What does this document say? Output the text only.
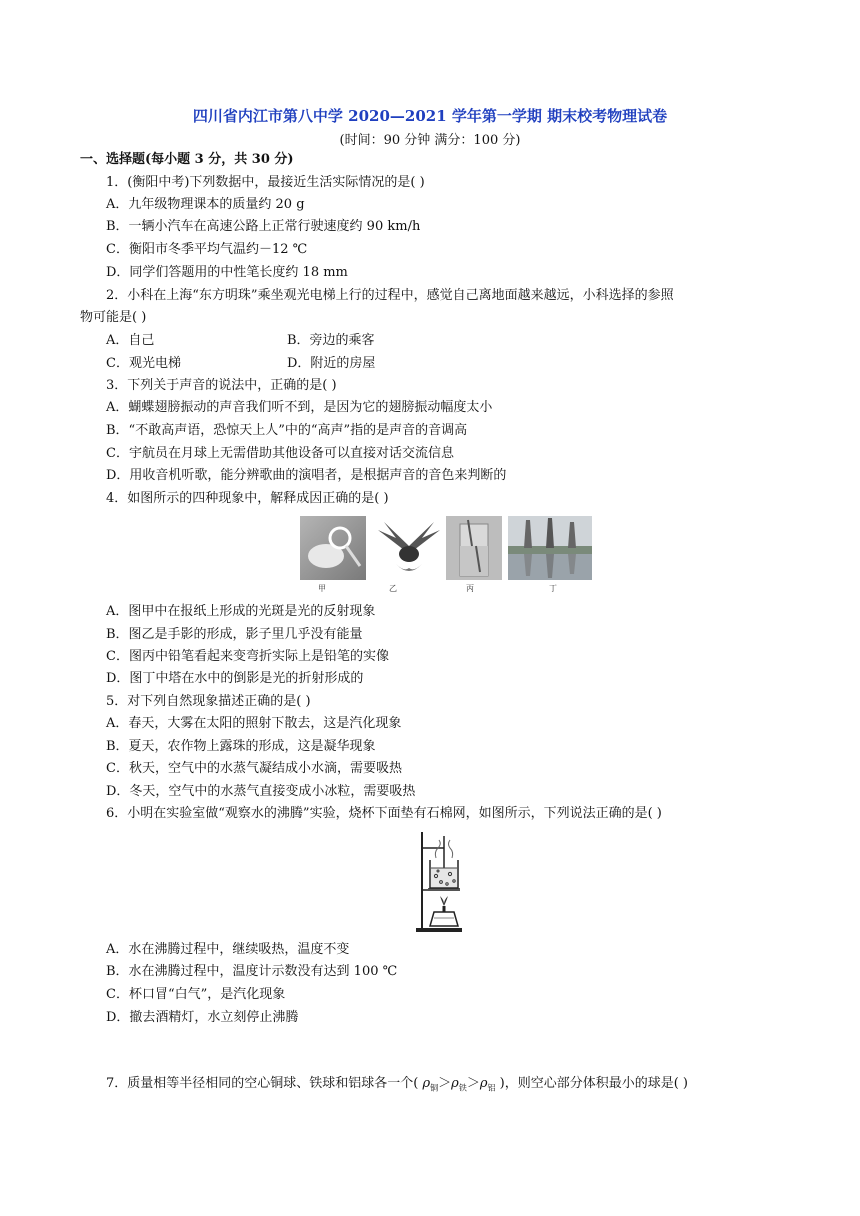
四川省内江市第八中学 2020—2021 学年第一学期 期末校考物理试卷
(时间：90 分钟 满分：100 分)
一、选择题(每小题 3 分，共 30 分)
1．(衡阳中考)下列数据中，最接近生活实际情况的是( )
A．九年级物理课本的质量约 20 g
B．一辆小汽车在高速公路上正常行驶速度约 90 km/h
C．衡阳市冬季平均气温约－12 ℃
D．同学们答题用的中性笔长度约 18 mm
2．小科在上海“东方明珠”乘坐观光电梯上行的过程中，感觉自己离地面越来越远，小科选择的参照
物可能是( )
A．自己	B．旁边的乘客
C．观光电梯	D．附近的房屋
3．下列关于声音的说法中，正确的是( )
A．蝴蝶翅膀振动的声音我们听不到，是因为它的翅膀振动幅度太小
B．“不敢高声语，恐惊天上人”中的“高声”指的是声音的音调高
C．宇航员在月球上无需借助其他设备可以直接对话交流信息
D．用收音机听歌，能分辨歌曲的演唱者，是根据声音的音色来判断的
4．如图所示的四种现象中，解释成因正确的是( )
甲	乙	丙	丁
A．图甲中在报纸上形成的光斑是光的反射现象
B．图乙是手影的形成，影子里几乎没有能量
C．图丙中铅笔看起来变弯折实际上是铅笔的实像
D．图丁中塔在水中的倒影是光的折射形成的
5．对下列自然现象描述正确的是( )
A．春天，大雾在太阳的照射下散去，这是汽化现象
B．夏天，农作物上露珠的形成，这是凝华现象
C．秋天，空气中的水蒸气凝结成小水滴，需要吸热
D．冬天，空气中的水蒸气直接变成小冰粒，需要吸热
6．小明在实验室做“观察水的沸腾”实验，烧杯下面垫有石棉网，如图所示，下列说法正确的是( )
A．水在沸腾过程中，继续吸热，温度不变
B．水在沸腾过程中，温度计示数没有达到 100 ℃
C．杯口冒“白气”，是汽化现象
D．撤去酒精灯，水立刻停止沸腾
7．质量相等半径相同的空心铜球、铁球和铝球各一个( $\rho_铜>\rho_铁>\rho_铝$ )，则空心部分体积最小的球是( )
